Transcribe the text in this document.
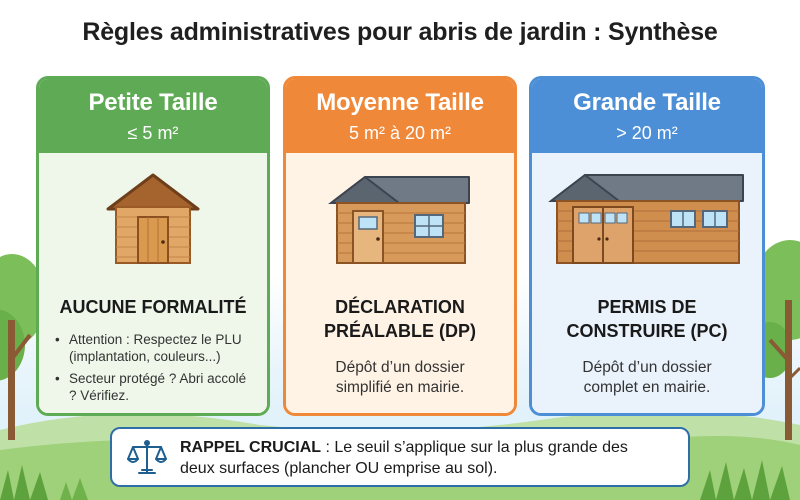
Règles administratives pour abris de jardin : Synthèse
Petite Taille
≤ 5 m²
AUCUNE FORMALITÉ
• Attention : Respectez le PLU (implantation, couleurs...)
• Secteur protégé ? Abri accolé ? Vérifiez.
Moyenne Taille
5 m² à 20 m²
DÉCLARATION
PRÉALABLE (DP)
Dépôt d’un dossier
simplifié en mairie.
Grande Taille
> 20 m²
PERMIS DE
CONSTRUIRE (PC)
Dépôt d’un dossier
complet en mairie.
RAPPEL CRUCIAL : Le seuil s’applique sur la plus grande des
deux surfaces (plancher OU emprise au sol).
